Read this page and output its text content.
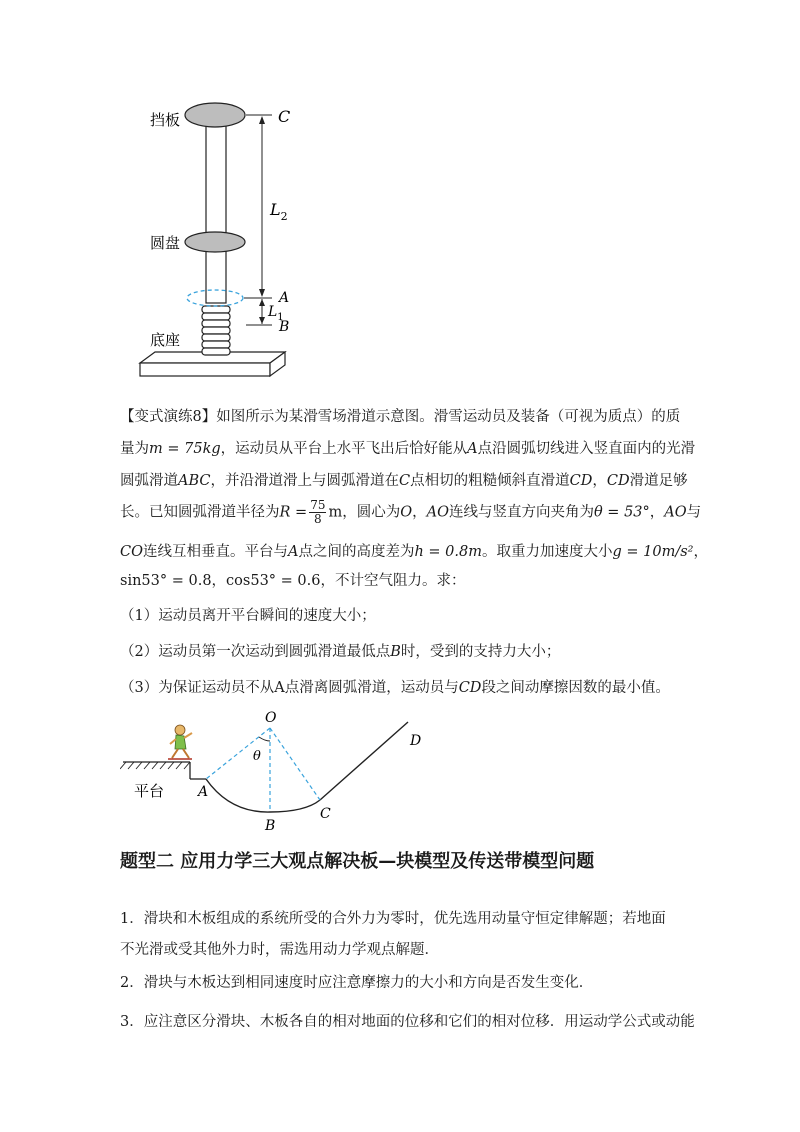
挡板
圆盘
底座
C
A
B
$L_2$
$L_1$
【变式演练8】如图所示为某滑雪场滑道示意图。滑雪运动员及装备（可视为质点）的质
量为m = 75kg，运动员从平台上水平飞出后恰好能从A点沿圆弧切线进入竖直面内的光滑
圆弧滑道ABC，并沿滑道滑上与圆弧滑道在C点相切的粗糙倾斜直滑道CD，CD滑道足够
长。已知圆弧滑道半径为$R = \frac{75}{8}$ m，圆心为O，AO连线与竖直方向夹角为θ = 53°，AO与
CO连线互相垂直。平台与A点之间的高度差为h = 0.8m。取重力加速度大小g = 10m/s²，
sin53° = 0.8，cos53° = 0.6，不计空气阻力。求：
（1）运动员离开平台瞬间的速度大小；
（2）运动员第一次运动到圆弧滑道最低点B时，受到的支持力大小；
（3）为保证运动员不从A点滑离圆弧滑道，运动员与CD段之间动摩擦因数的最小值。
平台
O
θ
A
B
C
D
题型二 应用力学三大观点解决板—块模型及传送带模型问题
1．滑块和木板组成的系统所受的合外力为零时，优先选用动量守恒定律解题；若地面不光滑或受其他外力时，需选用动力学观点解题．
2．滑块与木板达到相同速度时应注意摩擦力的大小和方向是否发生变化．
3．应注意区分滑块、木板各自的相对地面的位移和它们的相对位移．用运动学公式或动能
